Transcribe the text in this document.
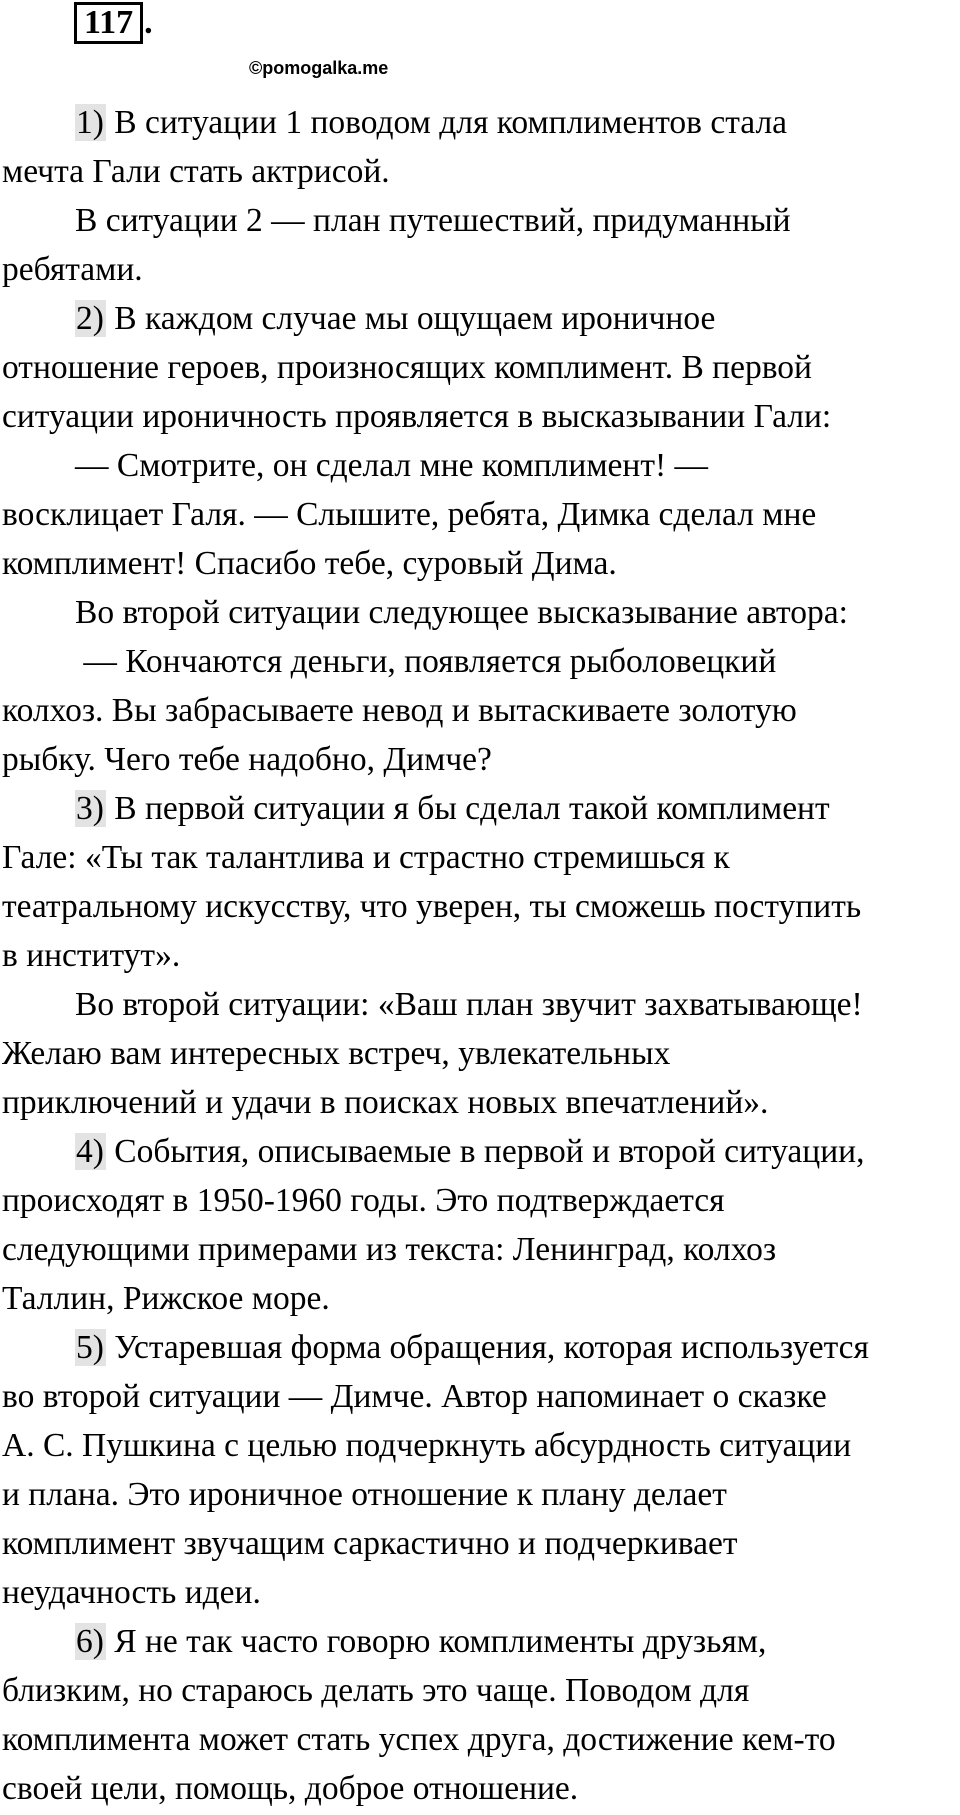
117 .
©pomogalka.me
1) В ситуации 1 поводом для комплиментов стала
мечта Гали стать актрисой.
В ситуации 2 — план путешествий, придуманный
ребятами.
2) В каждом случае мы ощущаем ироничное
отношение героев, произносящих комплимент. В первой
ситуации ироничность проявляется в высказывании Гали:
— Смотрите, он сделал мне комплимент! —
восклицает Галя. — Слышите, ребята, Димка сделал мне
комплимент! Спасибо тебе, суровый Дима.
Во второй ситуации следующее высказывание автора:
— Кончаются деньги, появляется рыболовецкий
колхоз. Вы забрасываете невод и вытаскиваете золотую
рыбку. Чего тебе надобно, Димче?
3) В первой ситуации я бы сделал такой комплимент
Гале: «Ты так талантлива и страстно стремишься к
театральному искусству, что уверен, ты сможешь поступить
в институт».
Во второй ситуации: «Ваш план звучит захватывающе!
Желаю вам интересных встреч, увлекательных
приключений и удачи в поисках новых впечатлений».
4) События, описываемые в первой и второй ситуации,
происходят в 1950-1960 годы. Это подтверждается
следующими примерами из текста: Ленинград, колхоз
Таллин, Рижское море.
5) Устаревшая форма обращения, которая используется
во второй ситуации — Димче. Автор напоминает о сказке
А. С. Пушкина с целью подчеркнуть абсурдность ситуации
и плана. Это ироничное отношение к плану делает
комплимент звучащим саркастично и подчеркивает
неудачность идеи.
6) Я не так часто говорю комплименты друзьям,
близким, но стараюсь делать это чаще. Поводом для
комплимента может стать успех друга, достижение кем-то
своей цели, помощь, доброе отношение.
